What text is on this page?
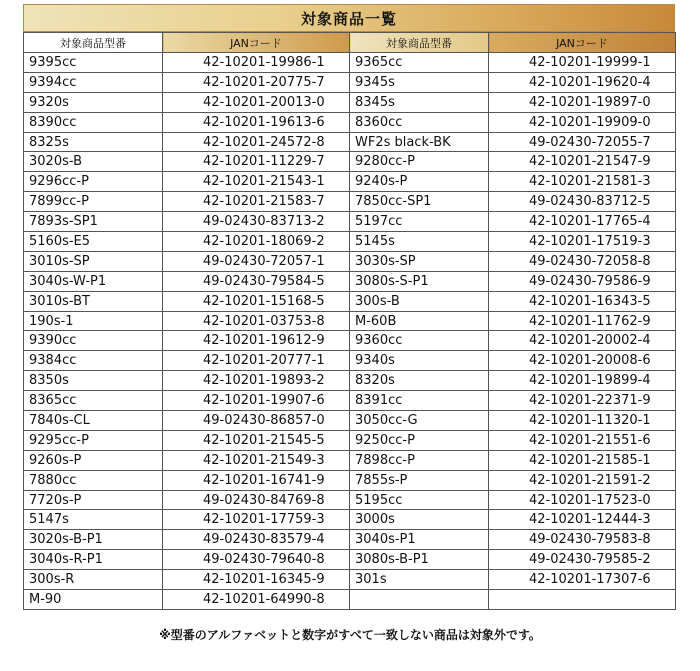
対象商品一覧
対象商品型番	JANコード	対象商品型番	JANコード
9395cc	42-10201-19986-1	9365cc	42-10201-19999-1
9394cc	42-10201-20775-7	9345s	42-10201-19620-4
9320s	42-10201-20013-0	8345s	42-10201-19897-0
8390cc	42-10201-19613-6	8360cc	42-10201-19909-0
8325s	42-10201-24572-8	WF2s black-BK	49-02430-72055-7
3020s-B	42-10201-11229-7	9280cc-P	42-10201-21547-9
9296cc-P	42-10201-21543-1	9240s-P	42-10201-21581-3
7899cc-P	42-10201-21583-7	7850cc-SP1	49-02430-83712-5
7893s-SP1	49-02430-83713-2	5197cc	42-10201-17765-4
5160s-E5	42-10201-18069-2	5145s	42-10201-17519-3
3010s-SP	49-02430-72057-1	3030s-SP	49-02430-72058-8
3040s-W-P1	49-02430-79584-5	3080s-S-P1	49-02430-79586-9
3010s-BT	42-10201-15168-5	300s-B	42-10201-16343-5
190s-1	42-10201-03753-8	M-60B	42-10201-11762-9
9390cc	42-10201-19612-9	9360cc	42-10201-20002-4
9384cc	42-10201-20777-1	9340s	42-10201-20008-6
8350s	42-10201-19893-2	8320s	42-10201-19899-4
8365cc	42-10201-19907-6	8391cc	42-10201-22371-9
7840s-CL	49-02430-86857-0	3050cc-G	42-10201-11320-1
9295cc-P	42-10201-21545-5	9250cc-P	42-10201-21551-6
9260s-P	42-10201-21549-3	7898cc-P	42-10201-21585-1
7880cc	42-10201-16741-9	7855s-P	42-10201-21591-2
7720s-P	49-02430-84769-8	5195cc	42-10201-17523-0
5147s	42-10201-17759-3	3000s	42-10201-12444-3
3020s-B-P1	49-02430-83579-4	3040s-P1	49-02430-79583-8
3040s-R-P1	49-02430-79640-8	3080s-B-P1	49-02430-79585-2
300s-R	42-10201-16345-9	301s	42-10201-17307-6
M-90	42-10201-64990-8		
※型番のアルファベットと数字がすべて一致しない商品は対象外です。
